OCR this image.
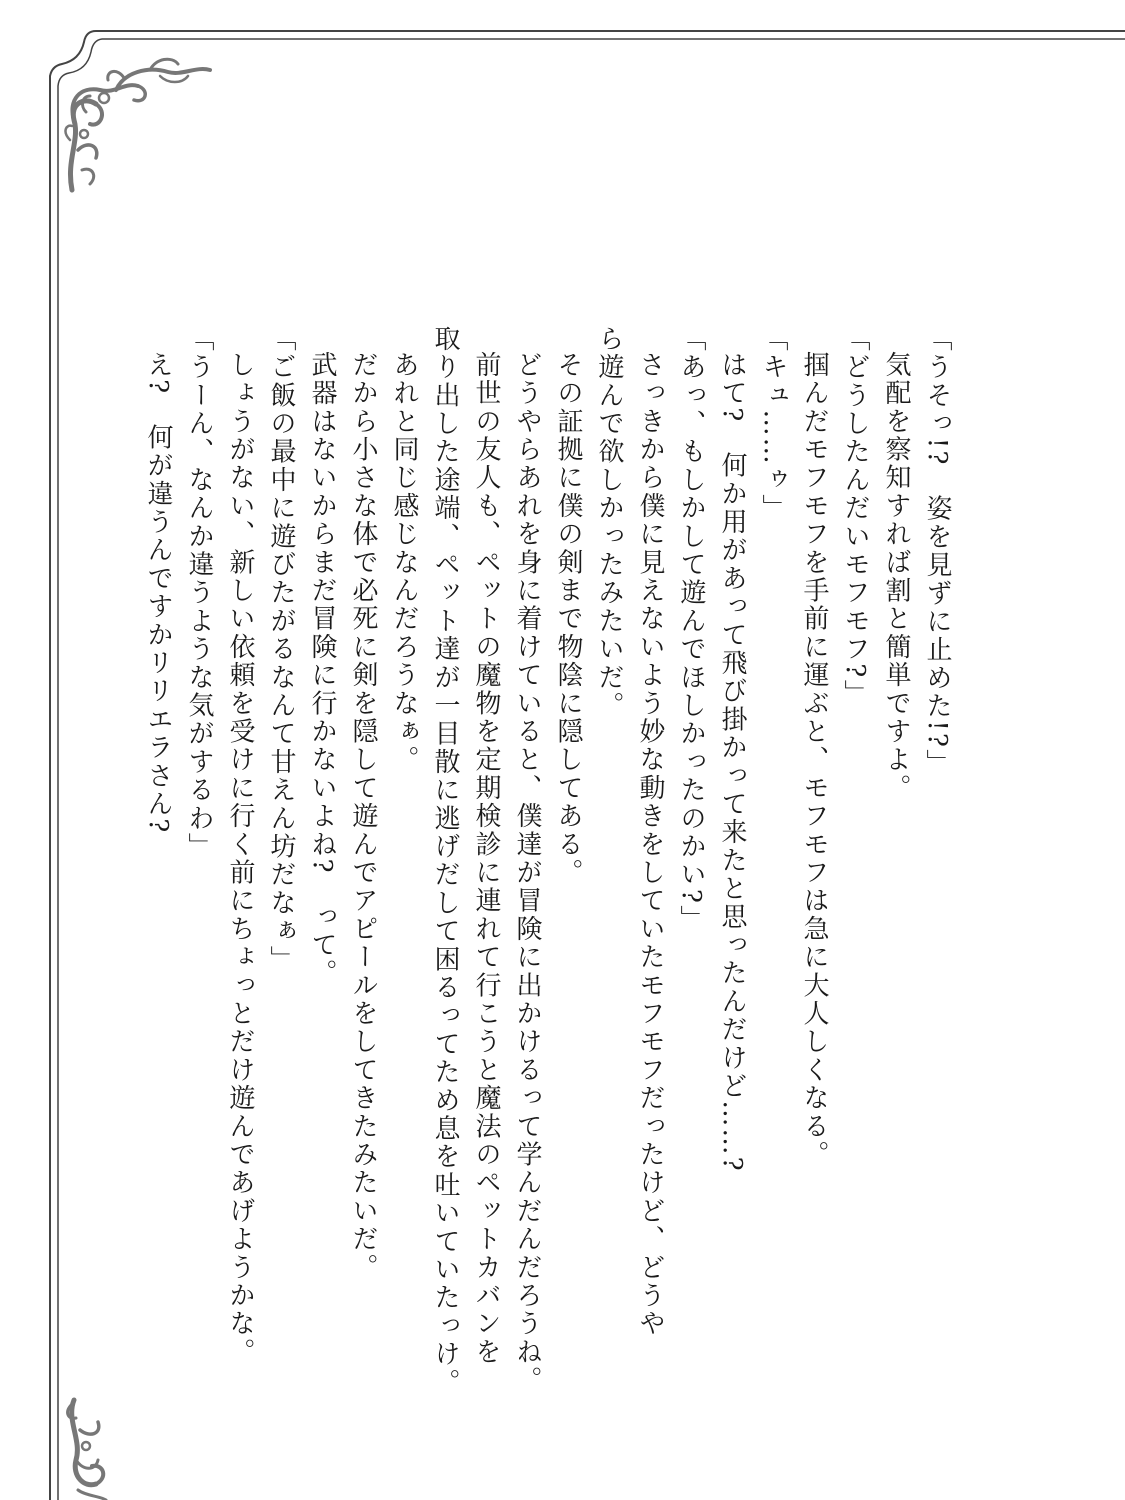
「うそっ!?　姿を見ずに止めた!?」
気配を察知すれば割と簡単ですよ。
「どうしたんだいモフモフ?」
掴んだモフモフを手前に運ぶと、モフモフは急に大人しくなる。
「キュ……ゥ」
はて?　何か用があって飛び掛かって来たと思ったんだけど……?
「あっ、もしかして遊んでほしかったのかい?」
さっきから僕に見えないよう妙な動きをしていたモフモフだったけど、どうや
ら遊んで欲しかったみたいだ。
その証拠に僕の剣まで物陰に隠してある。
どうやらあれを身に着けていると、僕達が冒険に出かけるって学んだんだろうね。
前世の友人も、ペットの魔物を定期検診に連れて行こうと魔法のペットカバンを
取り出した途端、ペット達が一目散に逃げだして困るってため息を吐いていたっけ。
あれと同じ感じなんだろうなぁ。
だから小さな体で必死に剣を隠して遊んでアピールをしてきたみたいだ。
武器はないからまだ冒険に行かないよね?　って。
「ご飯の最中に遊びたがるなんて甘えん坊だなぁ」
しょうがない、新しい依頼を受けに行く前にちょっとだけ遊んであげようかな。
「うーん、なんか違うような気がするわ」
え?　何が違うんですかリリエラさん?
